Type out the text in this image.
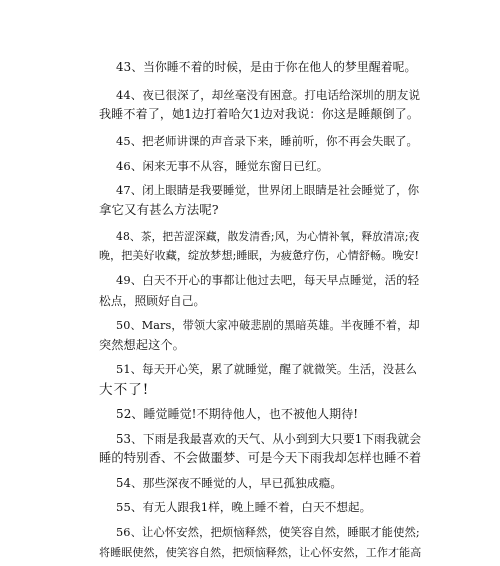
43、当你睡不着的时候，是由于你在他人的梦里醒着呢。
44、夜已很深了，却丝毫没有困意。打电话给深圳的朋友说
我睡不着了，她1边打着哈欠1边对我说：你这是睡颠倒了。
45、把老师讲课的声音录下来，睡前听，你不再会失眠了。
46、闲来无事不从容，睡觉东窗日已红。
47、闭上眼睛是我要睡觉，世界闭上眼睛是社会睡觉了，你
拿它又有甚么方法呢?
48、茶，把苦涩深藏，散发清香;风，为心情补氧，释放清凉;夜
晚，把美好收藏，绽放梦想;睡眠，为疲惫疗伤，心情舒畅。晚安!
49、白天不开心的事都让他过去吧，每天早点睡觉，活的轻
松点，照顾好自己。
50、Mars，带领大家冲破悲剧的黑暗英雄。半夜睡不着，却
突然想起这个。
51、每天开心笑，累了就睡觉，醒了就微笑。生活，没甚么
大不了!
52、睡觉睡觉!不期待他人，也不被他人期待!
53、下雨是我最喜欢的天气、从小到到大只要1下雨我就会
睡的特别香、不会做噩梦、可是今天下雨我却怎样也睡不着
54、那些深夜不睡觉的人，早已孤独成瘾。
55、有无人跟我1样，晚上睡不着，白天不想起。
56、让心怀安然，把烦恼释然，使笑容自然，睡眠才能使然;
将睡眠使然，使笑容自然，把烦恼释然，让心怀安然，工作才能高
